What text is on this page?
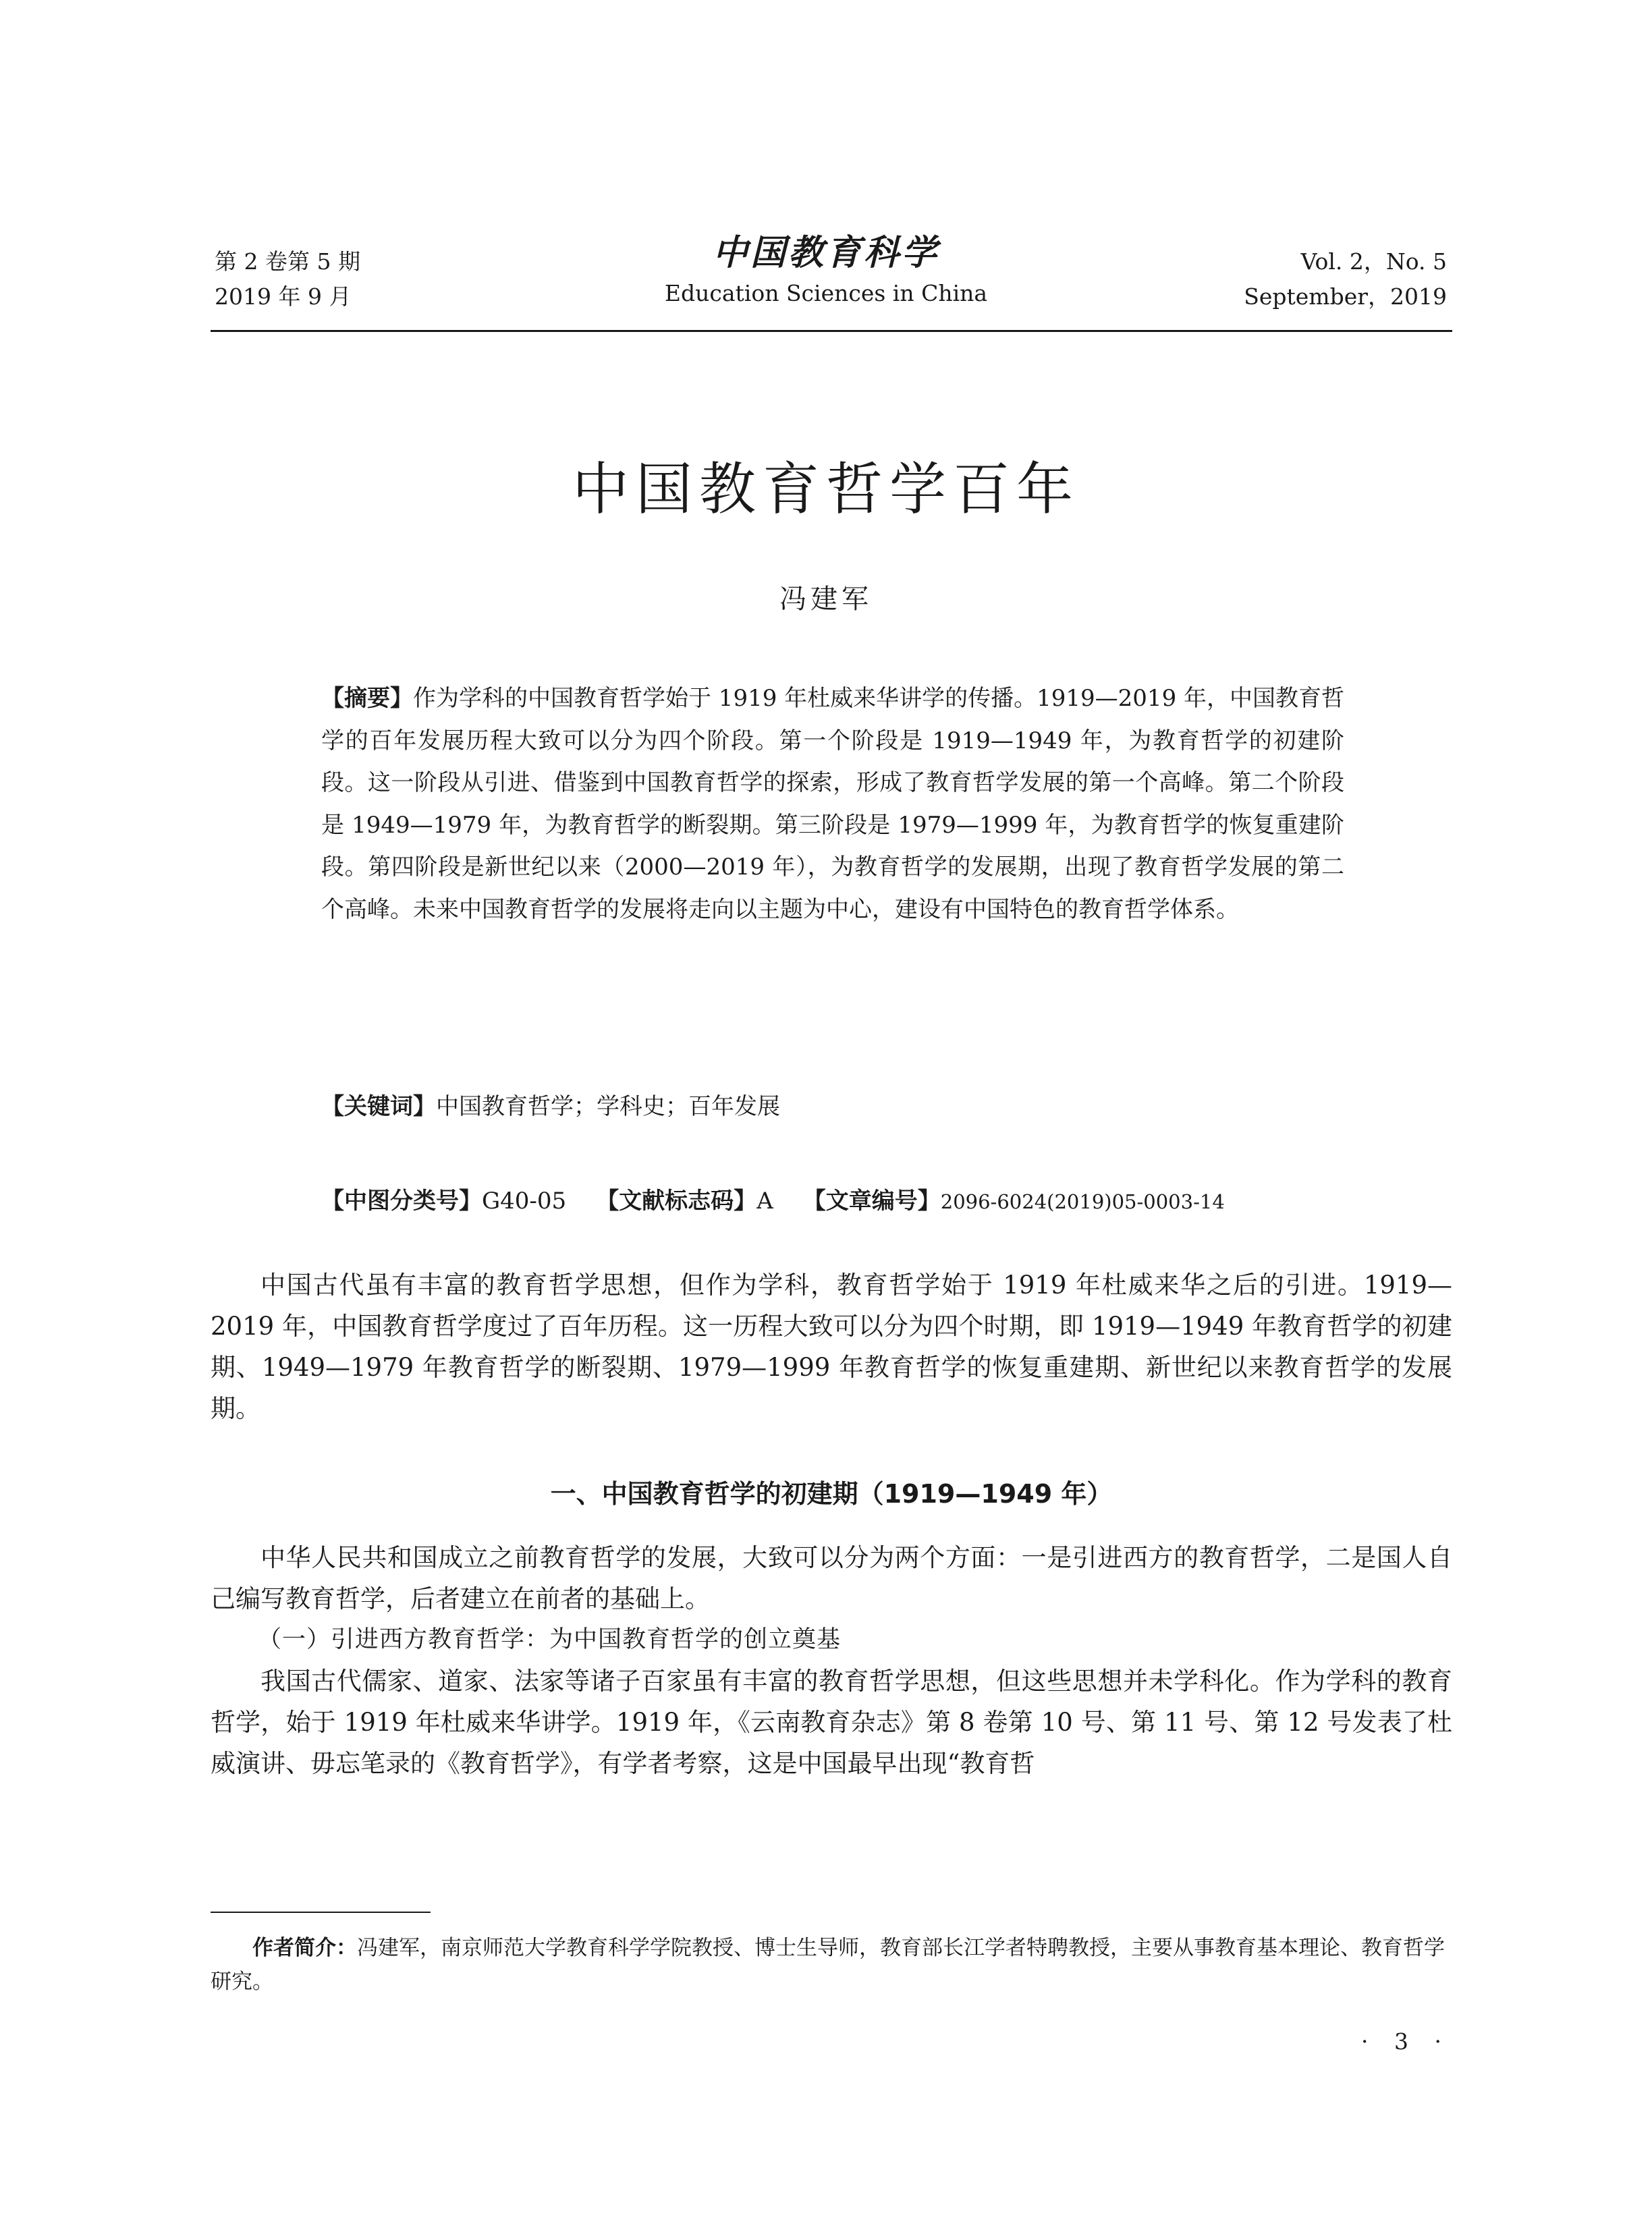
第 2 卷第 5 期
2019 年 9 月
中国教育科学
Education Sciences in China
Vol. 2，No. 5
September，2019
中国教育哲学百年
冯建军
【摘要】作为学科的中国教育哲学始于 1919 年杜威来华讲学的传播。1919—2019 年，中国教育哲学的百年发展历程大致可以分为四个阶段。第一个阶段是 1919—1949 年，为教育哲学的初建阶段。这一阶段从引进、借鉴到中国教育哲学的探索，形成了教育哲学发展的第一个高峰。第二个阶段是 1949—1979 年，为教育哲学的断裂期。第三阶段是 1979—1999 年，为教育哲学的恢复重建阶段。第四阶段是新世纪以来（2000—2019 年），为教育哲学的发展期，出现了教育哲学发展的第二个高峰。未来中国教育哲学的发展将走向以主题为中心，建设有中国特色的教育哲学体系。
【关键词】中国教育哲学；学科史；百年发展
【中图分类号】G40-05 【文献标志码】A 【文章编号】2096-6024(2019)05-0003-14

中国古代虽有丰富的教育哲学思想，但作为学科，教育哲学始于 1919 年杜威来华之后的引进。1919—2019 年，中国教育哲学度过了百年历程。这一历程大致可以分为四个时期，即 1919—1949 年教育哲学的初建期、1949—1979 年教育哲学的断裂期、1979—1999 年教育哲学的恢复重建期、新世纪以来教育哲学的发展期。

一、中国教育哲学的初建期（1919—1949 年）

中华人民共和国成立之前教育哲学的发展，大致可以分为两个方面：一是引进西方的教育哲学，二是国人自己编写教育哲学，后者建立在前者的基础上。

（一）引进西方教育哲学：为中国教育哲学的创立奠基

我国古代儒家、道家、法家等诸子百家虽有丰富的教育哲学思想，但这些思想并未学科化。作为学科的教育哲学，始于 1919 年杜威来华讲学。1919 年，《云南教育杂志》第 8 卷第 10 号、第 11 号、第 12 号发表了杜威演讲、毋忘笔录的《教育哲学》，有学者考察，这是中国最早出现“教育哲

作者简介：冯建军，南京师范大学教育科学学院教授、博士生导师，教育部长江学者特聘教授，主要从事教育基本理论、教育哲学研究。
· 3 ·
